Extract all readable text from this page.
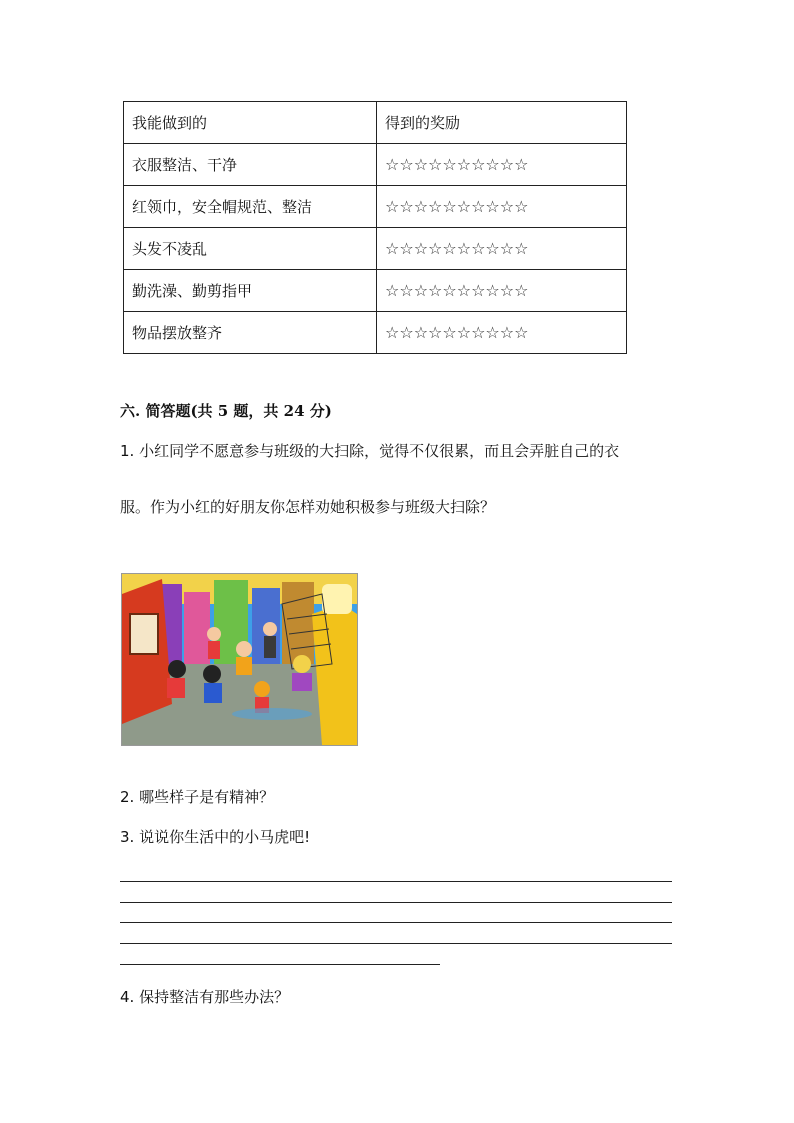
我能做到的	得到的奖励
衣服整洁、干净	☆☆☆☆☆☆☆☆☆☆
红领巾，安全帽规范、整洁	☆☆☆☆☆☆☆☆☆☆
头发不凌乱	☆☆☆☆☆☆☆☆☆☆
勤洗澡、勤剪指甲	☆☆☆☆☆☆☆☆☆☆
物品摆放整齐	☆☆☆☆☆☆☆☆☆☆
六. 简答题(共 5 题，共 24 分)
1. 小红同学不愿意参与班级的大扫除，觉得不仅很累，而且会弄脏自己的衣
服。作为小红的好朋友你怎样劝她积极参与班级大扫除？
2. 哪些样子是有精神？
3. 说说你生活中的小马虎吧!
4. 保持整洁有那些办法？
